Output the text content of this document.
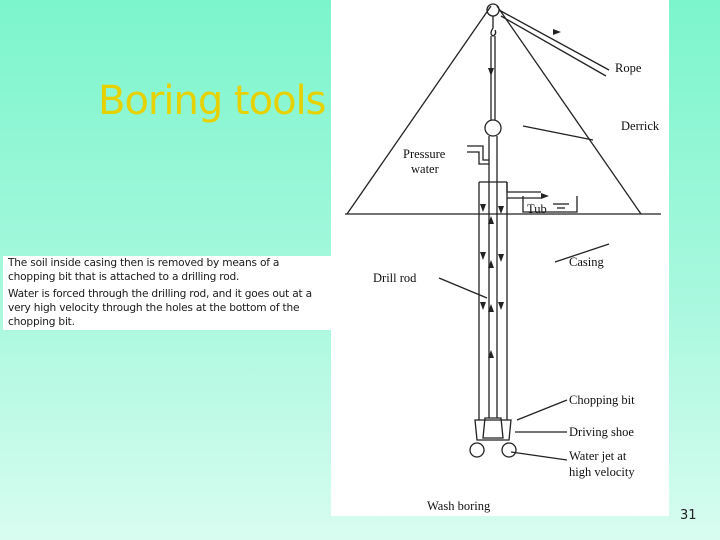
Boring tools
The soil inside casing then is removed by means of a
chopping bit that is attached to a drilling rod.
Water is forced through the drilling rod, and it goes out at a
very high velocity through the holes at the bottom of the
chopping bit.
Rope
Derrick
Pressure
water
Tub
Casing
Drill rod
Chopping bit
Driving shoe
Water jet at
high velocity
Wash boring
31
